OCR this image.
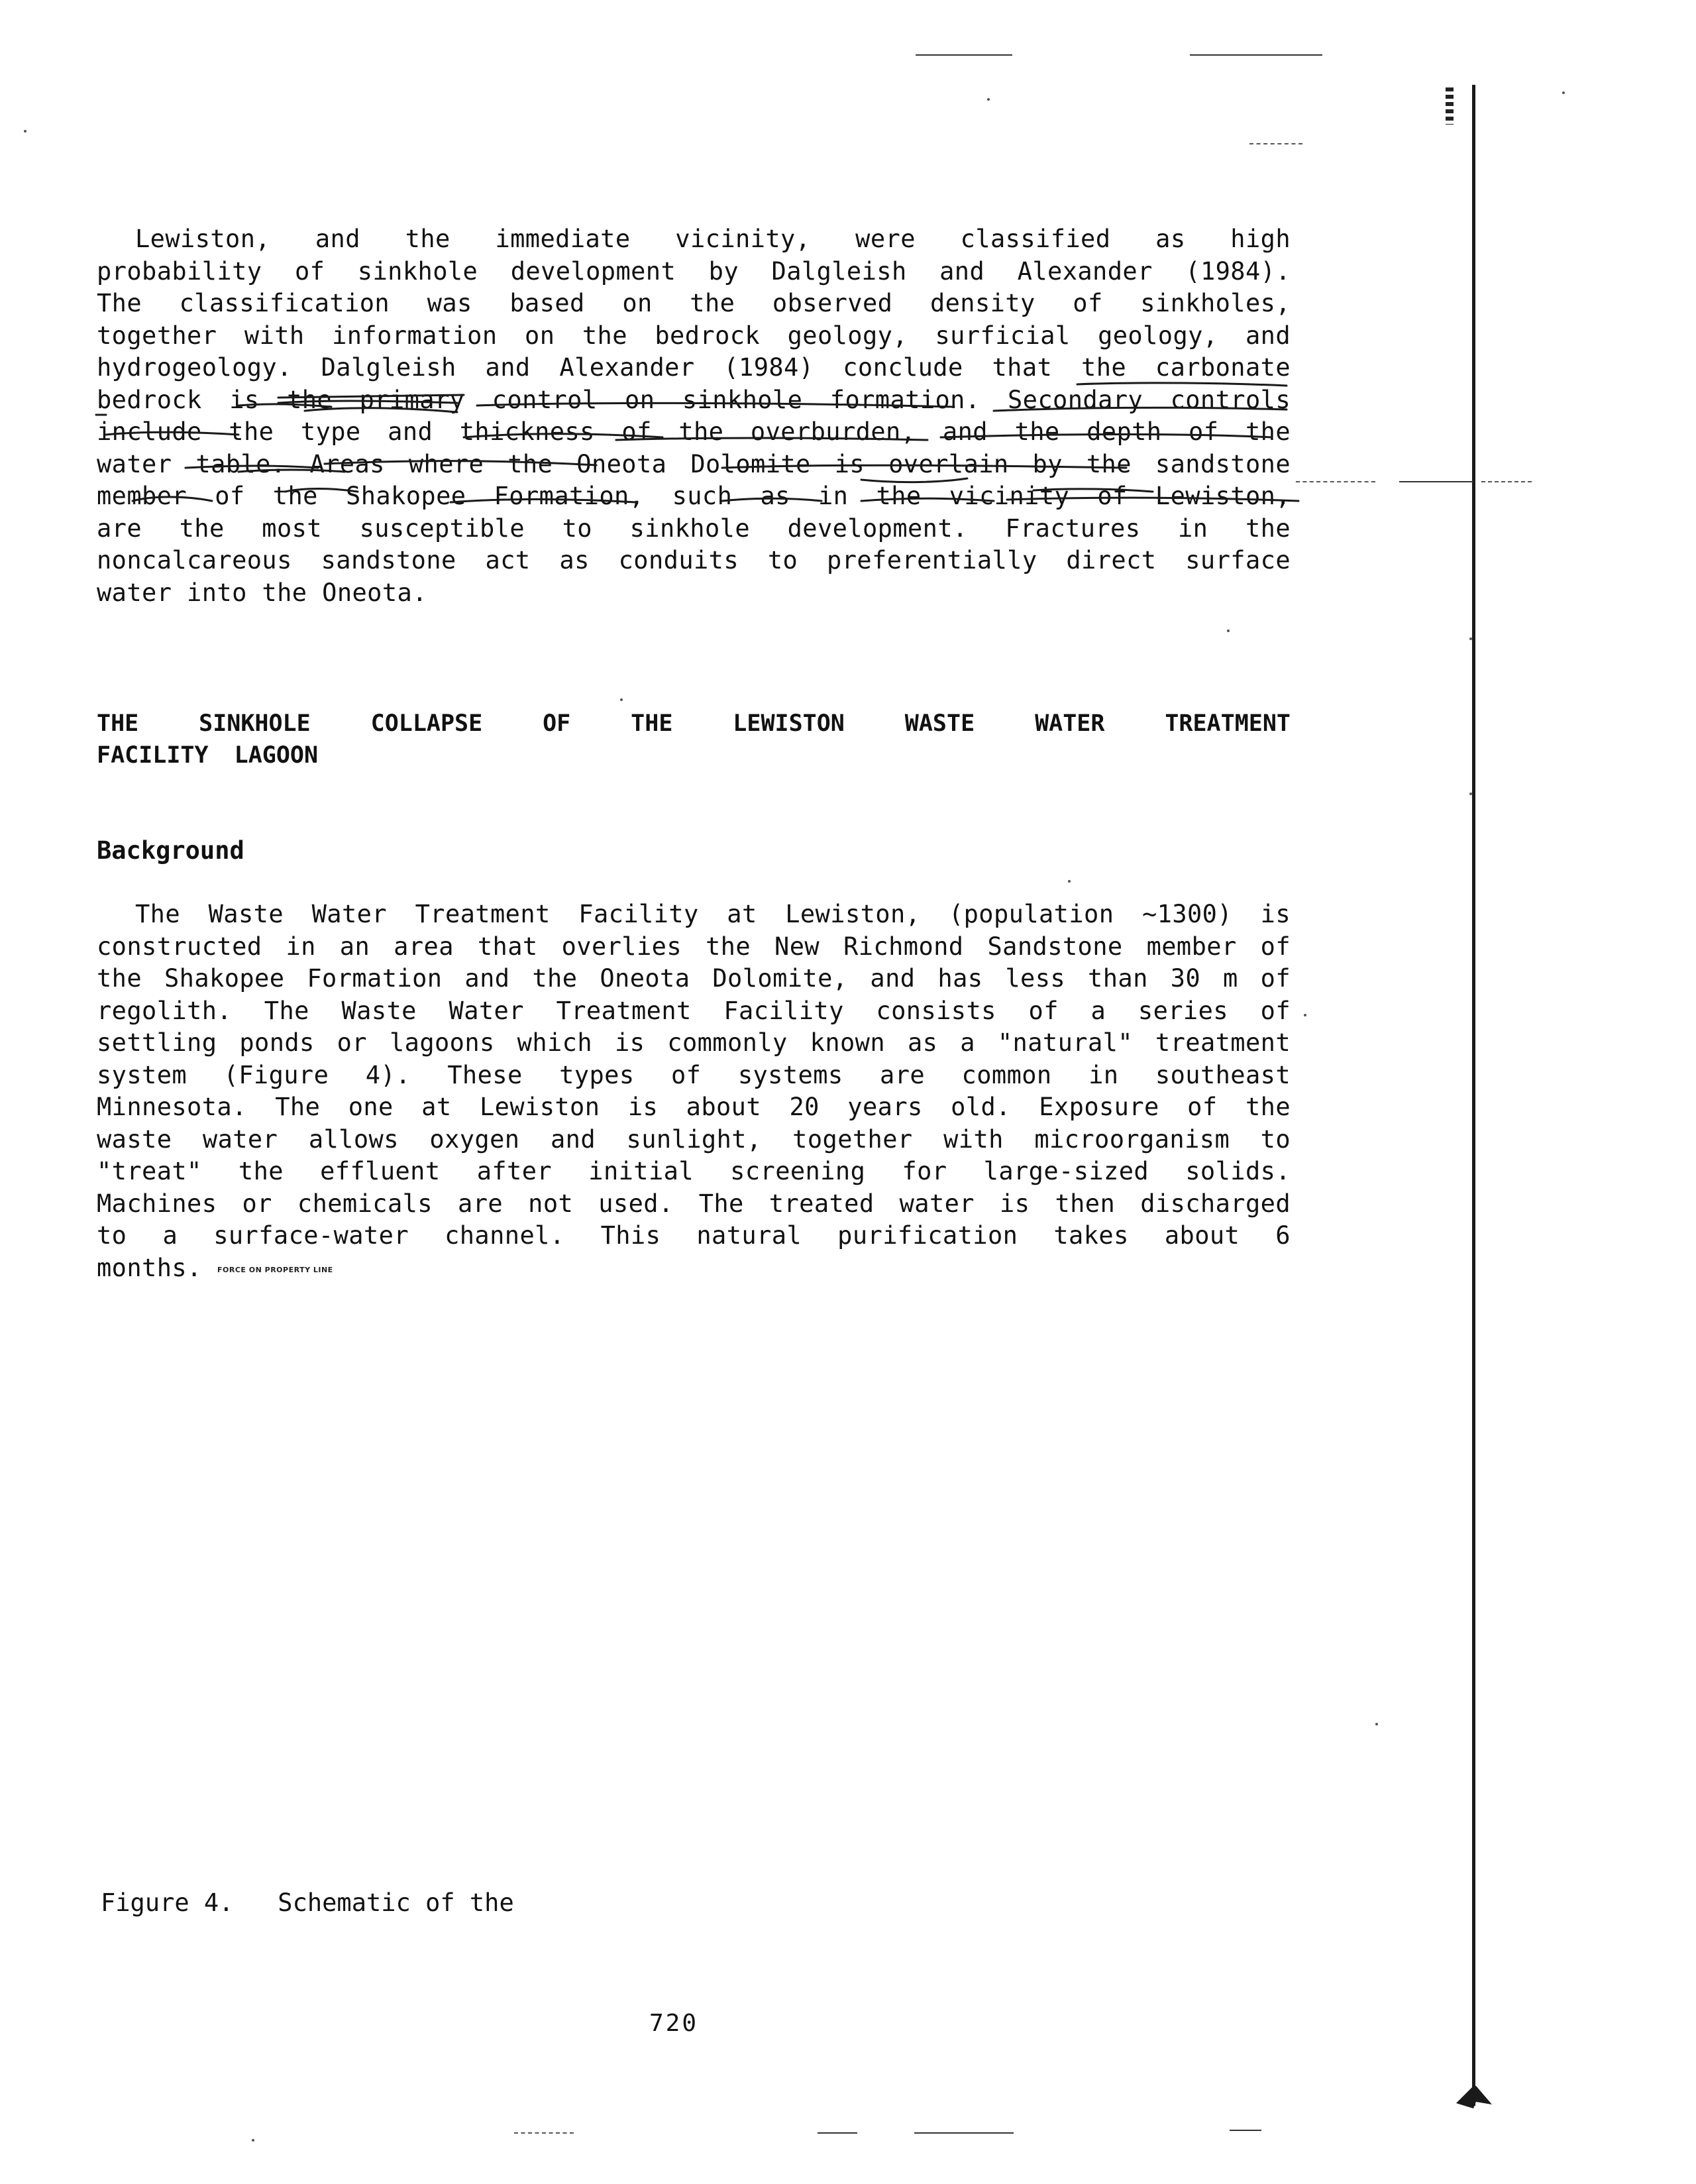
Lewiston, and the immediate vicinity, were classified as high
probability of sinkhole development by Dalgleish and Alexander (1984).
The classification was based on the observed density of sinkholes,
together with information on the bedrock geology, surficial geology, and
hydrogeology. Dalgleish and Alexander (1984) conclude that the carbonate
bedrock is the primary control on sinkhole formation. Secondary controls
include the type and thickness of the overburden, and the depth of the
water table. Areas where the Oneota Dolomite is overlain by the sandstone
member of the Shakopee Formation, such as in the vicinity of Lewiston,
are the most susceptible to sinkhole development. Fractures in the
noncalcareous sandstone act as conduits to preferentially direct surface
water into the Oneota.
THE SINKHOLE COLLAPSE OF THE LEWISTON WASTE WATER TREATMENT
FACILITY LAGOON
Background
The Waste Water Treatment Facility at Lewiston, (population ~1300) is
constructed in an area that overlies the New Richmond Sandstone member of
the Shakopee Formation and the Oneota Dolomite, and has less than 30 m of
regolith. The Waste Water Treatment Facility consists of a series of
settling ponds or lagoons which is commonly known as a "natural" treatment
system (Figure 4). These types of systems are common in southeast
Minnesota. The one at Lewiston is about 20 years old. Exposure of the
waste water allows oxygen and sunlight, together with microorganism to
"treat" the effluent after initial screening for large-sized solids.
Machines or chemicals are not used. The treated water is then discharged
to a surface-water channel. This natural purification takes about 6
months.	FORCE ON PROPERTY LINE
Figure 4.   Schematic of the
720
